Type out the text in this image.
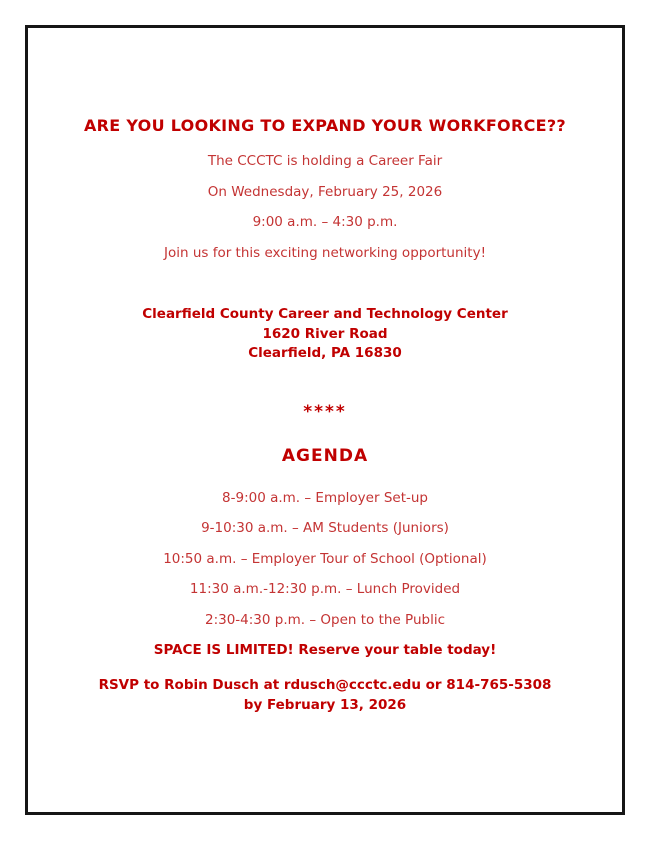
ARE YOU LOOKING TO EXPAND YOUR WORKFORCE??
The CCCTC is holding a Career Fair
On Wednesday, February 25, 2026
9:00 a.m. – 4:30 p.m.
Join us for this exciting networking opportunity!
Clearfield County Career and Technology Center
1620 River Road
Clearfield, PA 16830
****
AGENDA
8-9:00 a.m. – Employer Set-up
9-10:30 a.m. – AM Students (Juniors)
10:50 a.m. – Employer Tour of School (Optional)
11:30 a.m.-12:30 p.m. – Lunch Provided
2:30-4:30 p.m. – Open to the Public
SPACE IS LIMITED! Reserve your table today!
RSVP to Robin Dusch at rdusch@ccctc.edu or 814-765-5308
by February 13, 2026
